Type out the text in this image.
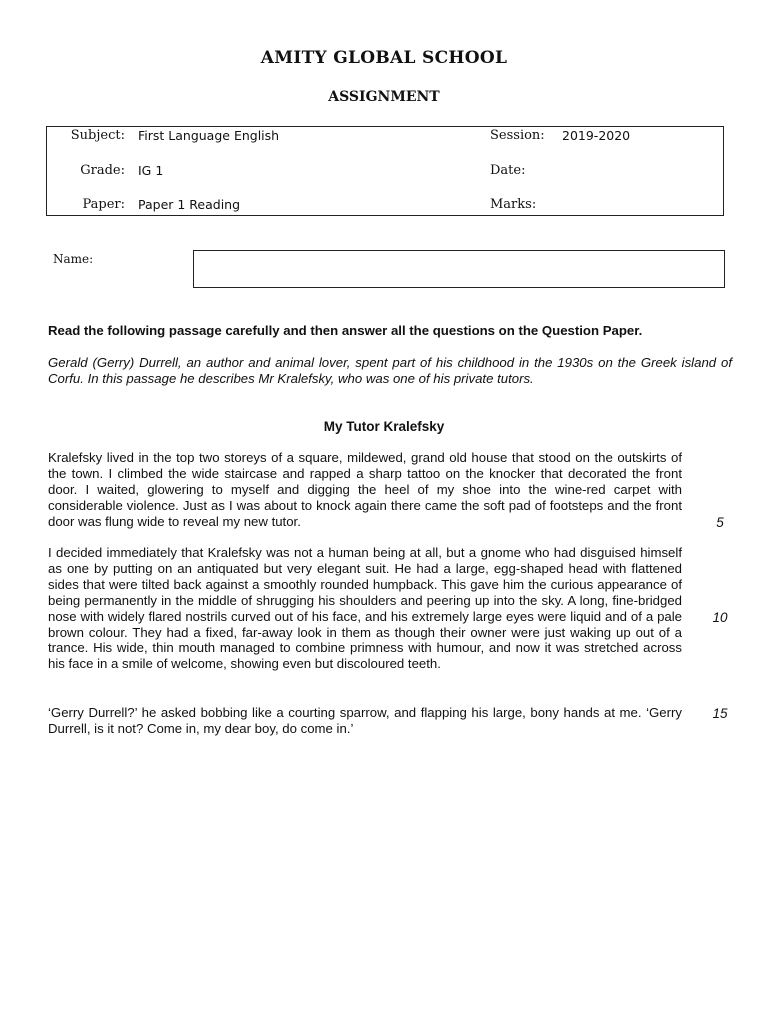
AMITY GLOBAL SCHOOL
ASSIGNMENT
Subject: First Language English	Session: 2019-2020
Grade: IG 1	Date:
Paper: Paper 1 Reading	Marks:
Name:
Read the following passage carefully and then answer all the questions on the Question Paper.
Gerald (Gerry) Durrell, an author and animal lover, spent part of his childhood in the 1930s on the Greek island of Corfu. In this passage he describes Mr Kralefsky, who was one of his private tutors.
My Tutor Kralefsky
Kralefsky lived in the top two storeys of a square, mildewed, grand old house that stood on the outskirts of the town. I climbed the wide staircase and rapped a sharp tattoo on the knocker that decorated the front door. I waited, glowering to myself and digging the heel of my shoe into the wine-red carpet with considerable violence. Just as I was about to knock again there came the soft pad of footsteps and the front door was flung wide to reveal my new tutor.
I decided immediately that Kralefsky was not a human being at all, but a gnome who had disguised himself as one by putting on an antiquated but very elegant suit. He had a large, egg-shaped head with flattened sides that were tilted back against a smoothly rounded humpback. This gave him the curious appearance of being permanently in the middle of shrugging his shoulders and peering up into the sky. A long, fine-bridged nose with widely flared nostrils curved out of his face, and his extremely large eyes were liquid and of a pale brown colour. They had a fixed, far-away look in them as though their owner were just waking up out of a trance. His wide, thin mouth managed to combine primness with humour, and now it was stretched across his face in a smile of welcome, showing even but discoloured teeth.
‘Gerry Durrell?’ he asked bobbing like a courting sparrow, and flapping his large, bony hands at me. ‘Gerry Durrell, is it not? Come in, my dear boy, do come in.’
5
10
15
